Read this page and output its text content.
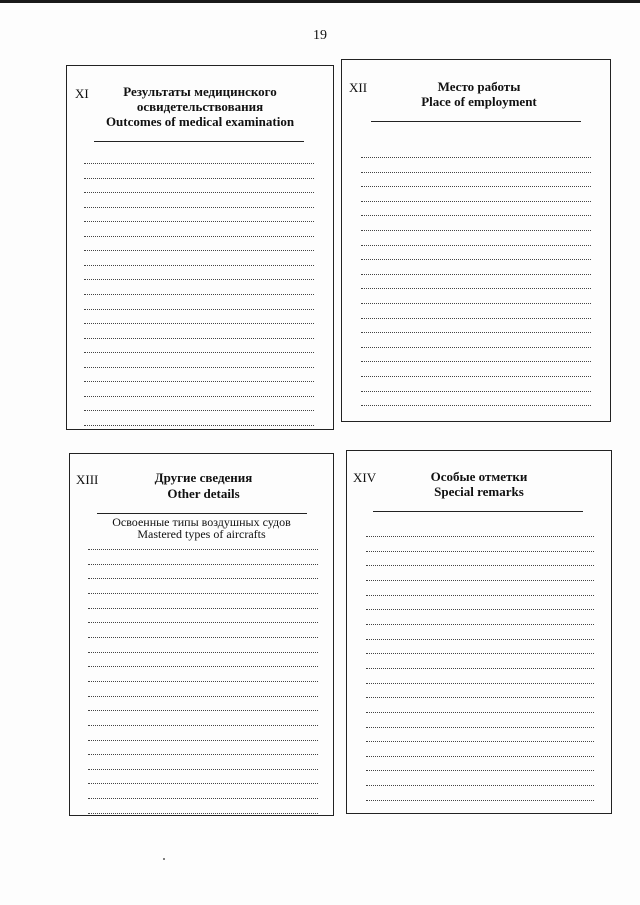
19
XI	Результаты медицинского
освидетельствования
Outcomes of medical examination
XII	Место работы
Place of employment
XIII	Другие сведения
Other details
Освоенные типы воздушных судов
Mastered types of aircrafts
XIV	Особые отметки
Special remarks
